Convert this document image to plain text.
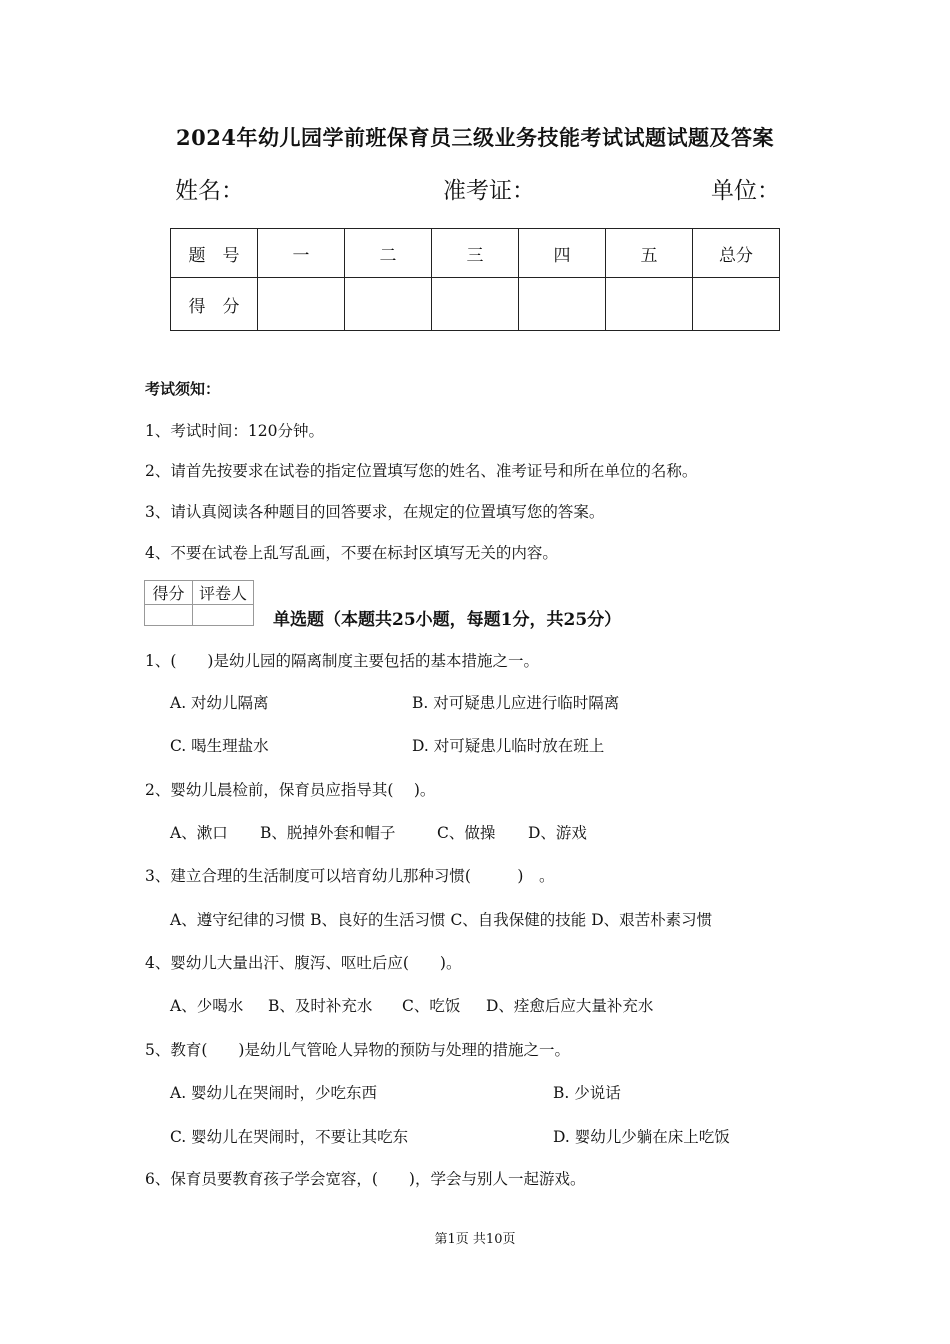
2024年幼儿园学前班保育员三级业务技能考试试题试题及答案
姓名：	准考证：	单位：
题　号	一	二	三	四	五	总分
得　分						
考试须知：
1、考试时间：120分钟。
2、请首先按要求在试卷的指定位置填写您的姓名、准考证号和所在单位的名称。
3、请认真阅读各种题目的回答要求，在规定的位置填写您的答案。
4、不要在试卷上乱写乱画，不要在标封区填写无关的内容。
得分	评卷人

单选题（本题共25小题，每题1分，共25分）
1、(　　)是幼儿园的隔离制度主要包括的基本措施之一。
A. 对幼儿隔离	B. 对可疑患儿应进行临时隔离
C. 喝生理盐水	D. 对可疑患儿临时放在班上
2、婴幼儿晨检前，保育员应指导其(　 )。
A、漱口 B、脱掉外套和帽子	C、做操 D、游戏
3、建立合理的生活制度可以培育幼儿那种习惯(　　　)　。
A、遵守纪律的习惯 B、良好的生活习惯 C、自我保健的技能 D、艰苦朴素习惯
4、婴幼儿大量出汗、腹泻、呕吐后应(　　)。
A、少喝水 B、及时补充水 C、吃饭 D、痊愈后应大量补充水
5、教育(　　)是幼儿气管呛人异物的预防与处理的措施之一。
A. 婴幼儿在哭闹时，少吃东西	B. 少说话
C. 婴幼儿在哭闹时，不要让其吃东	D. 婴幼儿少躺在床上吃饭
6、保育员要教育孩子学会宽容，(　　)，学会与别人一起游戏。
第1页 共10页
